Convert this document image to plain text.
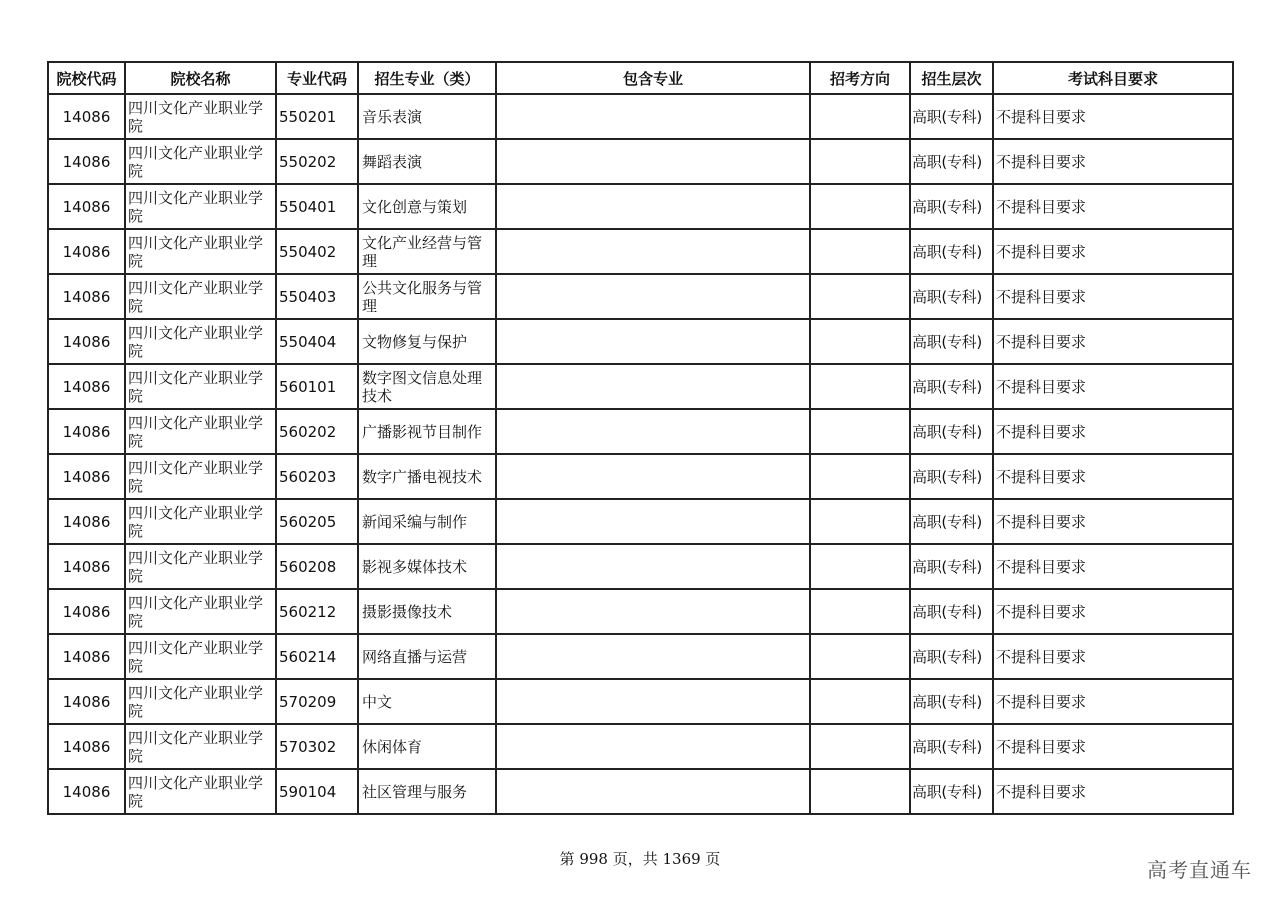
院校代码	院校名称	专业代码	招生专业（类）	包含专业	招考方向	招生层次	考试科目要求
14086	四川文化产业职业学院	550201	音乐表演			高职(专科)	不提科目要求
14086	四川文化产业职业学院	550202	舞蹈表演			高职(专科)	不提科目要求
14086	四川文化产业职业学院	550401	文化创意与策划			高职(专科)	不提科目要求
14086	四川文化产业职业学院	550402	文化产业经营与管理			高职(专科)	不提科目要求
14086	四川文化产业职业学院	550403	公共文化服务与管理			高职(专科)	不提科目要求
14086	四川文化产业职业学院	550404	文物修复与保护			高职(专科)	不提科目要求
14086	四川文化产业职业学院	560101	数字图文信息处理技术			高职(专科)	不提科目要求
14086	四川文化产业职业学院	560202	广播影视节目制作			高职(专科)	不提科目要求
14086	四川文化产业职业学院	560203	数字广播电视技术			高职(专科)	不提科目要求
14086	四川文化产业职业学院	560205	新闻采编与制作			高职(专科)	不提科目要求
14086	四川文化产业职业学院	560208	影视多媒体技术			高职(专科)	不提科目要求
14086	四川文化产业职业学院	560212	摄影摄像技术			高职(专科)	不提科目要求
14086	四川文化产业职业学院	560214	网络直播与运营			高职(专科)	不提科目要求
14086	四川文化产业职业学院	570209	中文			高职(专科)	不提科目要求
14086	四川文化产业职业学院	570302	休闲体育			高职(专科)	不提科目要求
14086	四川文化产业职业学院	590104	社区管理与服务			高职(专科)	不提科目要求
第 998 页，共 1369 页	高考直通车
